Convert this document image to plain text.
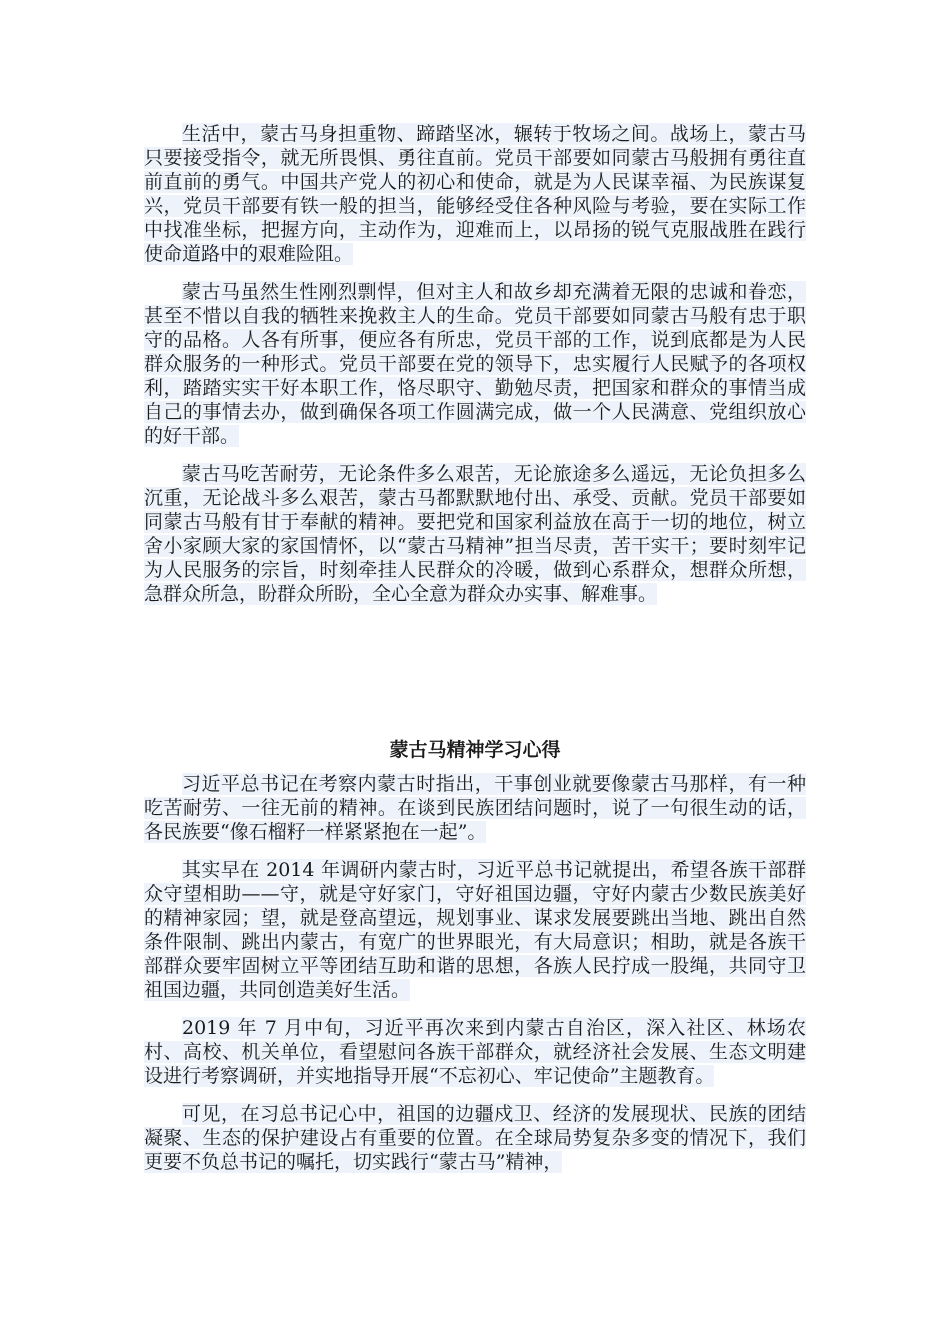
生活中，蒙古马身担重物、蹄踏坚冰，辗转于牧场之间。战场上，蒙古马只要接受指令，就无所畏惧、勇往直前。党员干部要如同蒙古马般拥有勇往直前直前的勇气。中国共产党人的初心和使命，就是为人民谋幸福、为民族谋复兴，党员干部要有铁一般的担当，能够经受住各种风险与考验，要在实际工作中找准坐标，把握方向，主动作为，迎难而上，以昂扬的锐气克服战胜在践行使命道路中的艰难险阻。

蒙古马虽然生性刚烈剽悍，但对主人和故乡却充满着无限的忠诚和眷恋，甚至不惜以自我的牺牲来挽救主人的生命。党员干部要如同蒙古马般有忠于职守的品格。人各有所事，便应各有所忠，党员干部的工作，说到底都是为人民群众服务的一种形式。党员干部要在党的领导下，忠实履行人民赋予的各项权利，踏踏实实干好本职工作，恪尽职守、勤勉尽责，把国家和群众的事情当成自己的事情去办，做到确保各项工作圆满完成，做一个人民满意、党组织放心的好干部。

蒙古马吃苦耐劳，无论条件多么艰苦，无论旅途多么遥远，无论负担多么沉重，无论战斗多么艰苦，蒙古马都默默地付出、承受、贡献。党员干部要如同蒙古马般有甘于奉献的精神。要把党和国家利益放在高于一切的地位，树立舍小家顾大家的家国情怀，以“蒙古马精神”担当尽责，苦干实干；要时刻牢记为人民服务的宗旨，时刻牵挂人民群众的冷暖，做到心系群众，想群众所想，急群众所急，盼群众所盼，全心全意为群众办实事、解难事。

蒙古马精神学习心得

习近平总书记在考察内蒙古时指出，干事创业就要像蒙古马那样，有一种吃苦耐劳、一往无前的精神。在谈到民族团结问题时，说了一句很生动的话，各民族要“像石榴籽一样紧紧抱在一起”。

其实早在 2014 年调研内蒙古时，习近平总书记就提出，希望各族干部群众守望相助——守，就是守好家门，守好祖国边疆，守好内蒙古少数民族美好的精神家园；望，就是登高望远，规划事业、谋求发展要跳出当地、跳出自然条件限制、跳出内蒙古，有宽广的世界眼光，有大局意识；相助，就是各族干部群众要牢固树立平等团结互助和谐的思想，各族人民拧成一股绳，共同守卫祖国边疆，共同创造美好生活。

2019 年 7 月中旬，习近平再次来到内蒙古自治区，深入社区、林场农村、高校、机关单位，看望慰问各族干部群众，就经济社会发展、生态文明建设进行考察调研，并实地指导开展“不忘初心、牢记使命”主题教育。

可见，在习总书记心中，祖国的边疆戍卫、经济的发展现状、民族的团结凝聚、生态的保护建设占有重要的位置。在全球局势复杂多变的情况下，我们更要不负总书记的嘱托，切实践行“蒙古马”精神，
